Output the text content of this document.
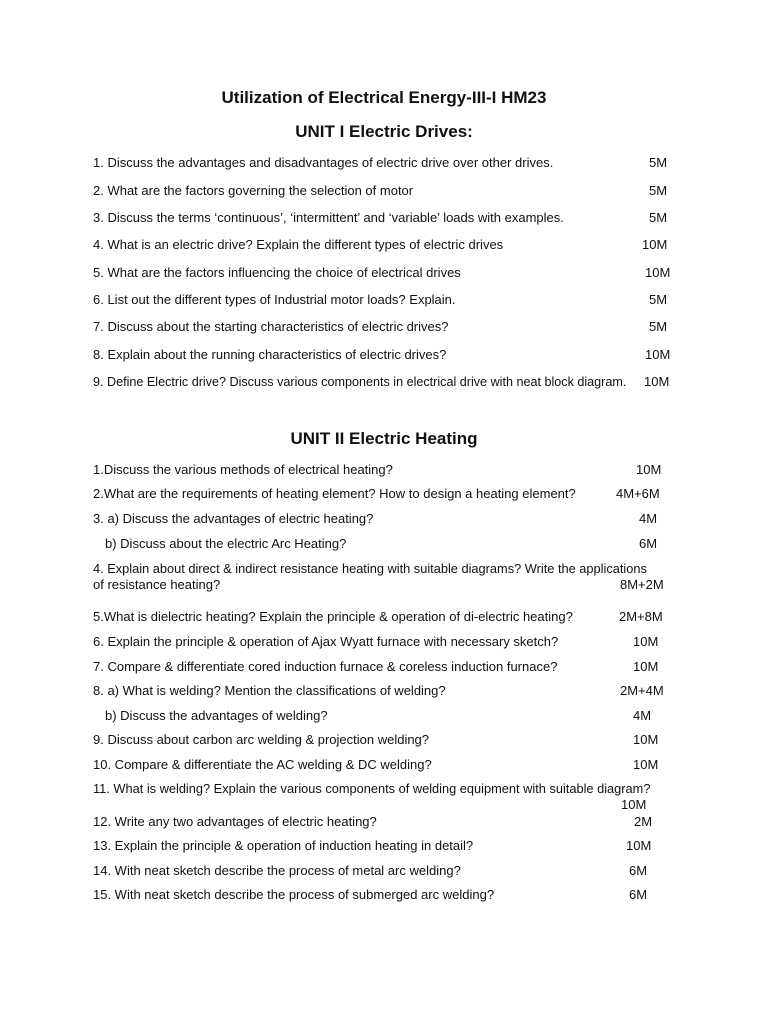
Utilization of Electrical Energy-III-I HM23
UNIT I Electric Drives:
1. Discuss the advantages and disadvantages of electric drive over other drives.	5M
2. What are the factors governing the selection of motor	5M
3. Discuss the terms ‘continuous’, ‘intermittent’ and ‘variable’ loads with examples.	5M
4. What is an electric drive? Explain the different types of electric drives	10M
5. What are the factors influencing the choice of electrical drives	10M
6. List out the different types of Industrial motor loads? Explain.	5M
7. Discuss about the starting characteristics of electric drives?	5M
8. Explain about the running characteristics of electric drives?	10M
9. Define Electric drive? Discuss various components in electrical drive with neat block diagram. 10M
UNIT II Electric Heating
1.Discuss the various methods of electrical heating?	10M
2.What are the requirements of heating element? How to design a heating element?	4M+6M
3. a) Discuss the advantages of electric heating?	4M
b) Discuss about the electric Arc Heating?	6M
4. Explain about direct & indirect resistance heating with suitable diagrams? Write the applications
of resistance heating?	8M+2M
5.What is dielectric heating? Explain the principle & operation of di-electric heating?	2M+8M
6. Explain the principle & operation of Ajax Wyatt furnace with necessary sketch?	10M
7. Compare & differentiate cored induction furnace & coreless induction furnace?	10M
8. a) What is welding? Mention the classifications of welding?	2M+4M
b) Discuss the advantages of welding?	4M
9. Discuss about carbon arc welding & projection welding?	10M
10. Compare & differentiate the AC welding & DC welding?	10M
11. What is welding? Explain the various components of welding equipment with suitable diagram?
10M
12. Write any two advantages of electric heating?	2M
13. Explain the principle & operation of induction heating in detail?	10M
14. With neat sketch describe the process of metal arc welding?	6M
15. With neat sketch describe the process of submerged arc welding?	6M
